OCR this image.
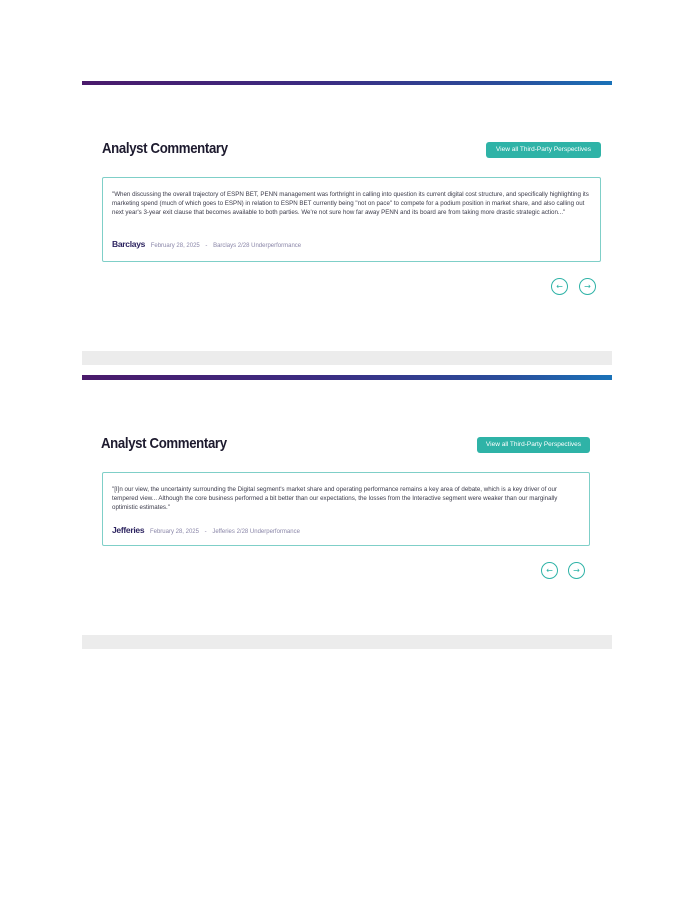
Analyst Commentary	View all Third-Party Perspectives
"When discussing the overall trajectory of ESPN BET, PENN management was forthright in calling into question its current digital cost structure, and specifically highlighting its marketing spend (much of which goes to ESPN) in relation to ESPN BET currently being "not on pace" to compete for a podium position in market share, and also calling out next year's 3-year exit clause that becomes available to both parties. We're not sure how far away PENN and its board are from taking more drastic strategic action..."
Barclays February 28, 2025 - Barclays 2/28 Underperformance
←	→
Analyst Commentary	View all Third-Party Perspectives
"[I]n our view, the uncertainty surrounding the Digital segment's market share and operating performance remains a key area of debate, which is a key driver of our tempered view... Although the core business performed a bit better than our expectations, the losses from the Interactive segment were weaker than our marginally optimistic estimates."
Jefferies February 28, 2025 - Jefferies 2/28 Underperformance
←	→
